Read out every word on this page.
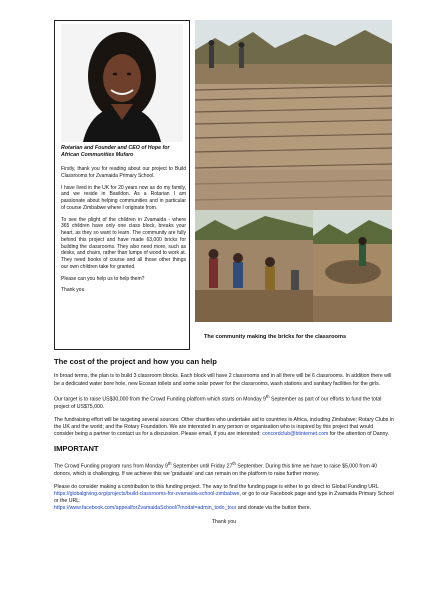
Rotarian and Founder and CEO of Hope for African Communities Mufaro

Firstly, thank you for reading about our project to Build Classrooms for Zvamaida Primary School.

I have lived in the UK for 20 years now as do my family, and we reside in Basildon. As a Rotarian I am passionate about helping communities and in particular of course Zimbabwe where I originate from.

To see the plight of the children in Zvamaida - where 365 children have only one class block, breaks your heart, as they so want to learn. The community are fully behind this project and have made 63,000 bricks for building the classrooms. They also need more, such as desks, and chairs, rather than lumps of wood to work at. They need books of course and all those other things our own children take for granted.

Please can you help us to help them?

Thank you

The community making the bricks for the classrooms
The cost of the project and how you can help

In broad terms, the plan is to build 3 classroom blocks. Each block will have 2 classrooms and in all there will be 6 classrooms. In addition there will be a dedicated water bore hole, new Ecosan toilets and some solar power for the classrooms, wash stations and sanitary facilities for the girls.

Our target is to raise US$30,000 from the Crowd Funding platform which starts on Monday 9th September as part of our efforts to fund the total project of US$75,000.

The fundraising effort will be targeting several sources: Other charities who undertake aid to countries in Africa, including Zimbabwe; Rotary Clubs in the UK and the world; and the Rotary Foundation. We are interested in any person or organisation who is inspired by this project that would consider being a partner to contact us for a discussion. Please email, if you are interested: concordclub@btinternet.com for the attention of Danny.

IMPORTANT

The Crowd Funding program runs from Monday 9th September until Friday 27th September. During this time we have to raise $5,000 from 40 donors, which is challenging. If we achieve this we 'graduate' and can remain on the platform to raise further money.

Please do consider making a contribution to this funding project. The way to find the funding page is either to go direct to Global Funding URL https://globalgiving.org/projects/build-classrooms-for-zvamaida-school-zimbabwe, or go to our Facebook page and type in Zvamaida Primary School or the URL:
https://www.facebook.com/appealforZvamaidaSchool/?modal=admin_todo_tour and donate via the button there.

Thank you
